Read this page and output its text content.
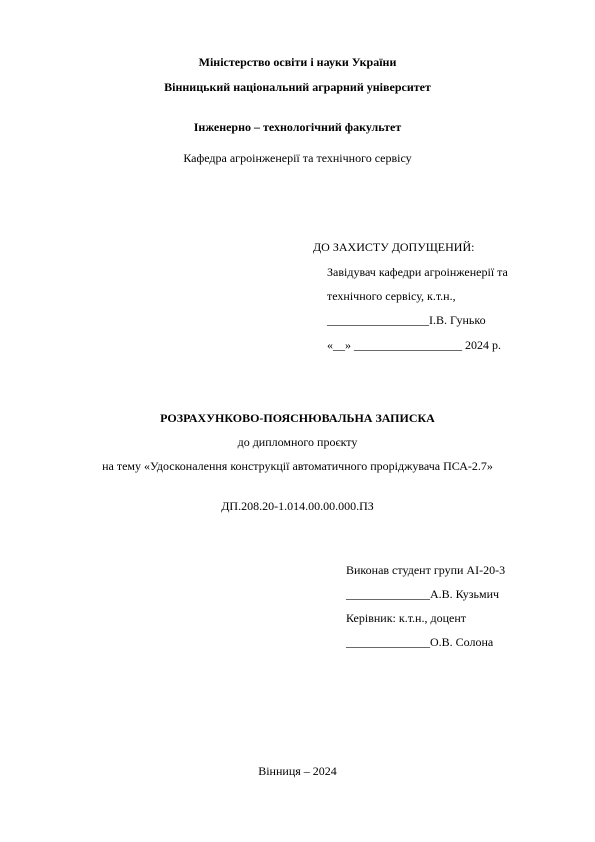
Міністерство освіти і науки України
Вінницький національний аграрний університет
Інженерно – технологічний факультет
Кафедра агроінженерії та технічного сервісу
ДО ЗАХИСТУ ДОПУЩЕНИЙ:
Завідувач кафедри агроінженерії та
технічного сервісу, к.т.н.,
_________________І.В. Гунько
«__» __________________ 2024 р.
РОЗРАХУНКОВО-ПОЯСНЮВАЛЬНА ЗАПИСКА
до дипломного проєкту
на тему «Удосконалення конструкції автоматичного проріджувача ПСА-2.7»
ДП.208.20-1.014.00.00.000.ПЗ
Виконав студент групи АІ-20-3
______________А.В. Кузьмич
Керівник: к.т.н., доцент
______________О.В. Солона
Вінниця – 2024
